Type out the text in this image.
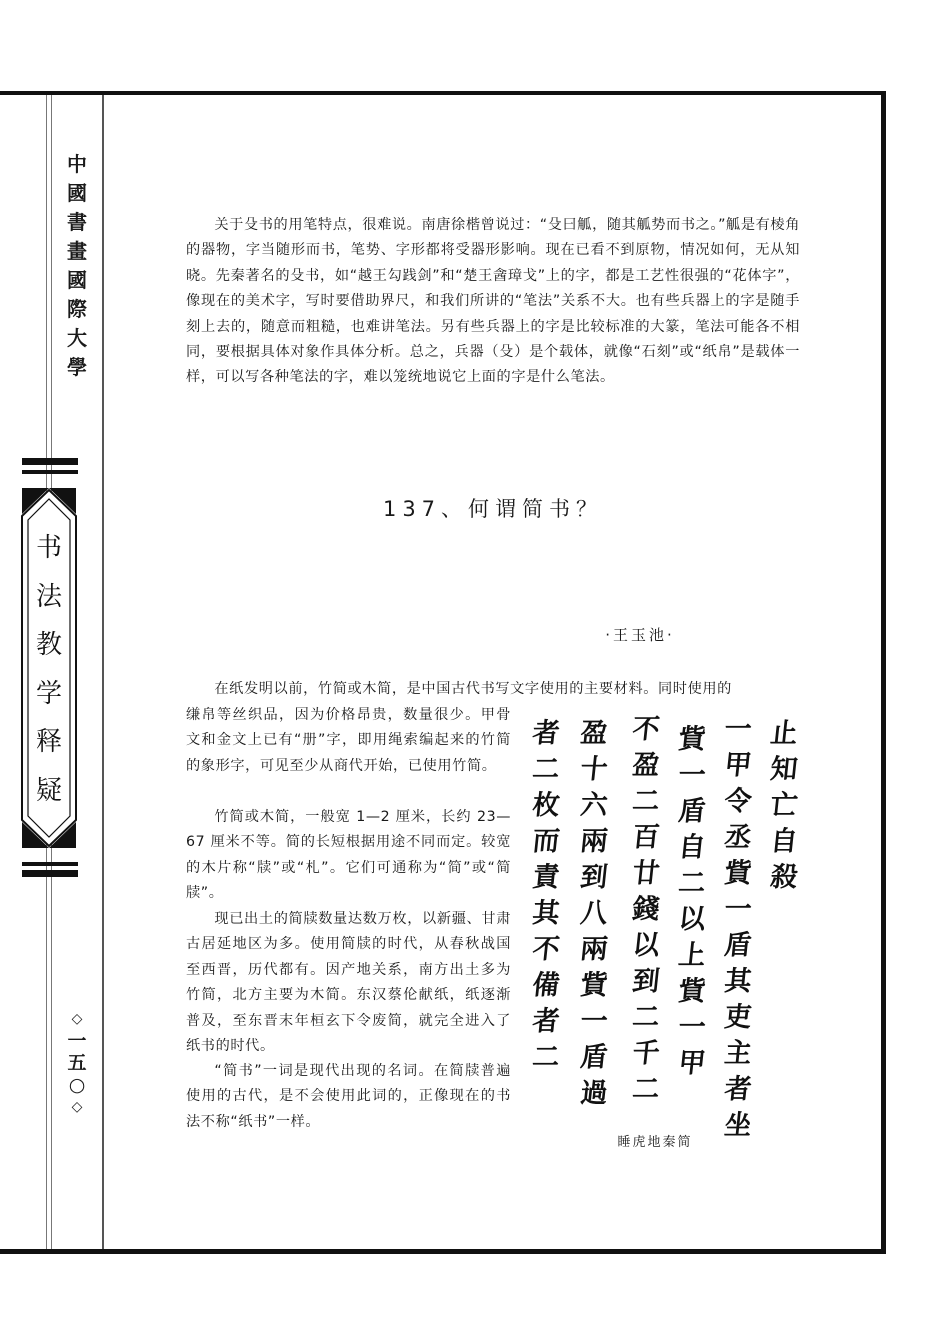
中
國
書
畫
國
際
大
學
书
法
教
学
释
疑
◇
一
五
○
◇

关于殳书的用笔特点，很难说。南唐徐楷曾说过：“殳曰觚，随其觚势而书之。”觚是有棱角的器物，字当随形而书，笔势、字形都将受器形影响。现在已看不到原物，情况如何，无从知晓。先秦著名的殳书，如“越王勾践剑”和“楚王酓璋戈”上的字，都是工艺性很强的“花体字”，像现在的美术字，写时要借助界尺，和我们所讲的“笔法”关系不大。也有些兵器上的字是随手刻上去的，随意而粗糙，也难讲笔法。另有些兵器上的字是比较标准的大篆，笔法可能各不相同，要根据具体对象作具体分析。总之，兵器（殳）是个载体，就像“石刻”或“纸帛”是载体一样，可以写各种笔法的字，难以笼统地说它上面的字是什么笔法。

137、何谓简书？
·王玉池·

在纸发明以前，竹简或木简，是中国古代书写文字使用的主要材料。同时使用的

缣帛等丝织品，因为价格昂贵，数量很少。甲骨文和金文上已有“册”字，即用绳索编起来的竹简的象形字，可见至少从商代开始，已使用竹简。

竹简或木简，一般宽 1—2 厘米，长约 23—67 厘米不等。简的长短根据用途不同而定。较宽的木片称“牍”或“札”。它们可通称为“简”或“简牍”。

现已出土的简牍数量达数万枚，以新疆、甘肃古居延地区为多。使用简牍的时代，从春秋战国至西晋，历代都有。因产地关系，南方出土多为竹简，北方主要为木简。东汉蔡伦献纸，纸逐渐普及，至东晋末年桓玄下令废简，就完全进入了纸书的时代。

“简书”一词是现代出现的名词。在简牍普遍使用的古代，是不会使用此词的，正像现在的书法不称“纸书”一样。

止
知
亡
自
殺
一
甲
令
丞
貲
一
盾
其
吏
主
者
坐
貲
一
盾
自
二
以
上
貲
一
甲
不
盈
二
百
廿
錢
以
到
二
千
二
盈
十
六
兩
到
八
兩
貲
一
盾
過
者
二
枚
而
責
其
不
備
者
二
睡虎地秦简
